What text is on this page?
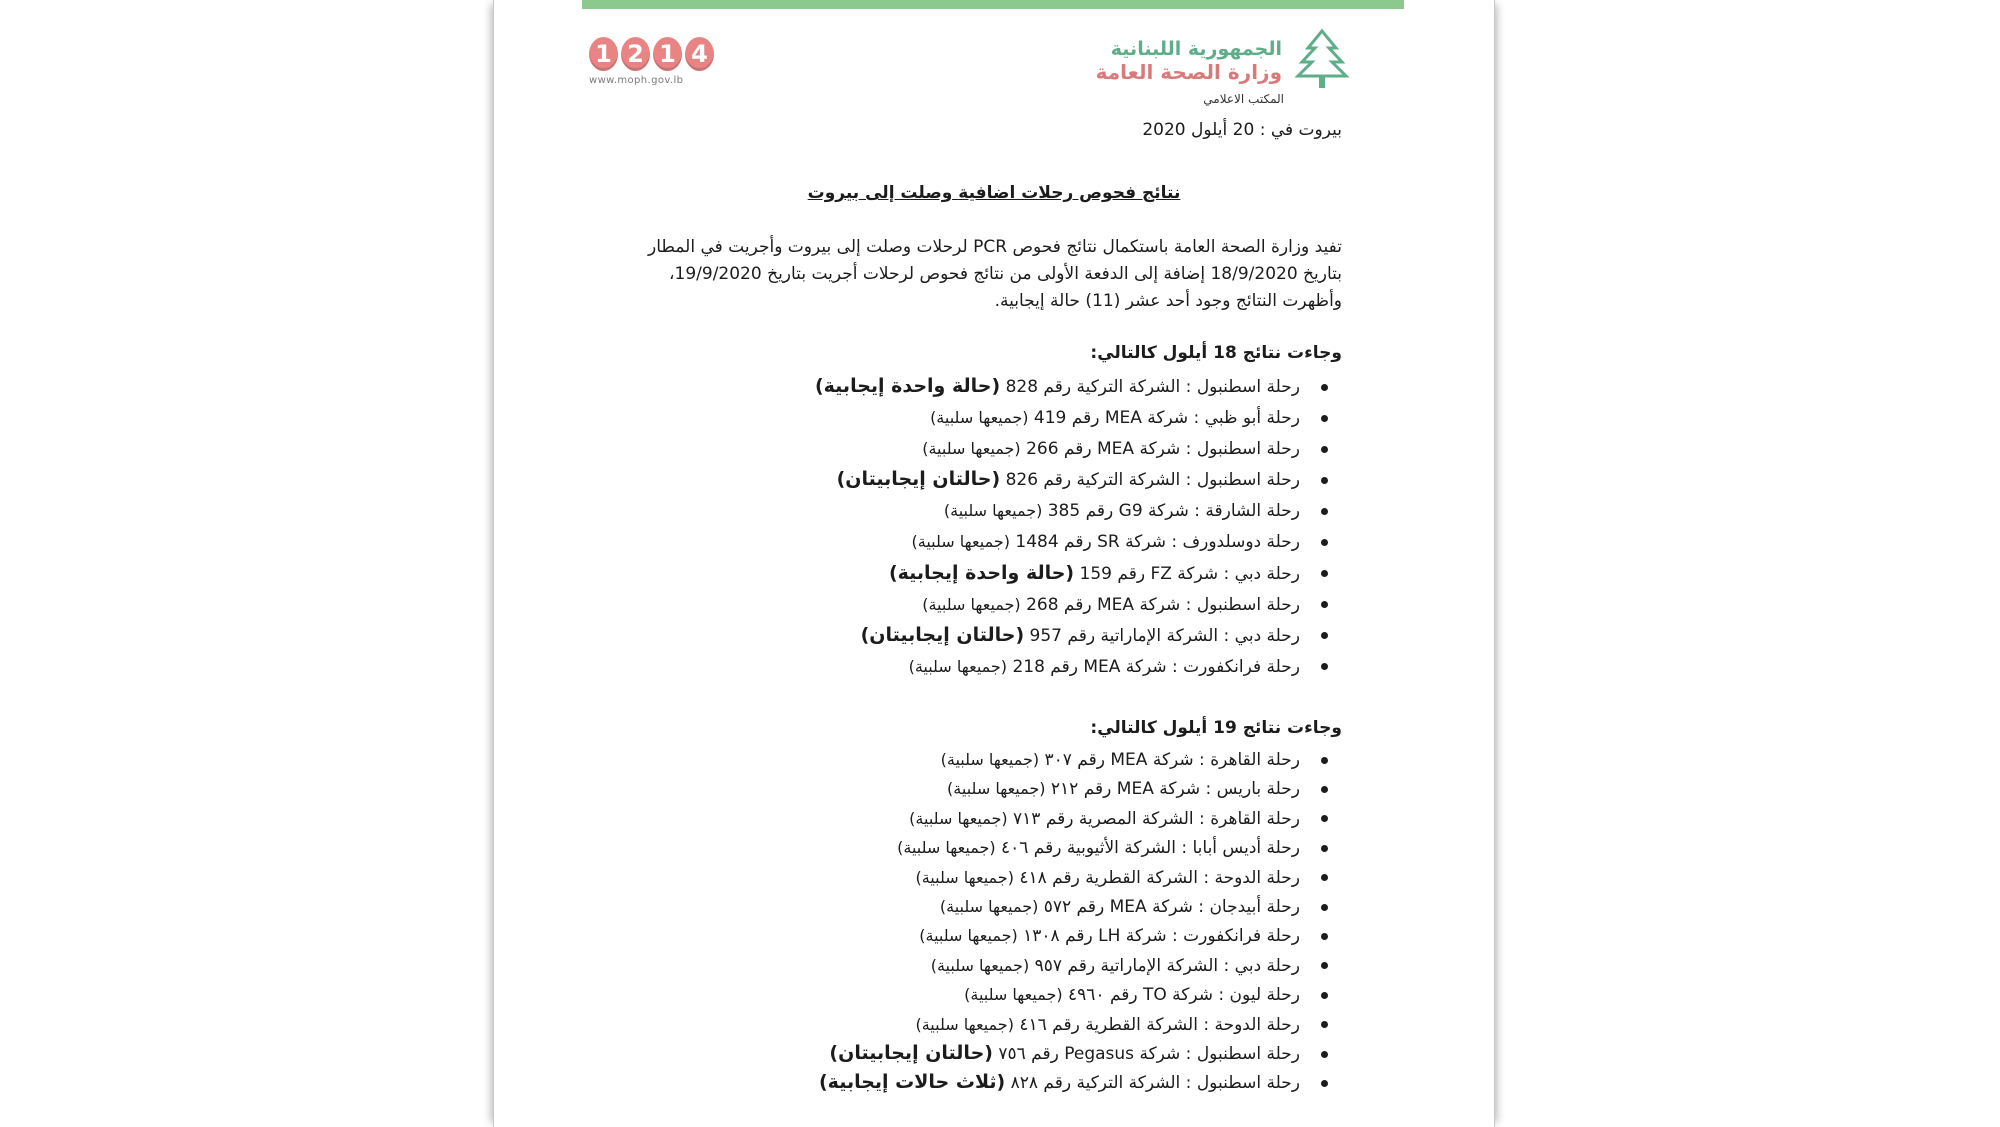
1 2 1 4
www.moph.gov.lb
الجمهورية اللبنانية
وزارة الصحة العامة
المكتب الاعلامي
بيروت في : 20 أيلول 2020
نتائج فحوص رحلات اضافية وصلت إلى بيروت
تفيد وزارة الصحة العامة باستكمال نتائج فحوص PCR لرحلات وصلت إلى بيروت وأجريت في المطار بتاريخ 18/9/2020 إضافة إلى الدفعة الأولى من نتائج فحوص لرحلات أجريت بتاريخ 19/9/2020، وأظهرت النتائج وجود أحد عشر (11) حالة إيجابية.
وجاءت نتائج 18 أيلول كالتالي:
رحلة اسطنبول : الشركة التركية رقم 828 (حالة واحدة إيجابية)
رحلة أبو ظبي : شركة MEA رقم 419 (جميعها سلبية)
رحلة اسطنبول : شركة MEA رقم 266 (جميعها سلبية)
رحلة اسطنبول : الشركة التركية رقم 826 (حالتان إيجابيتان)
رحلة الشارقة : شركة G9 رقم 385 (جميعها سلبية)
رحلة دوسلدورف : شركة SR رقم 1484 (جميعها سلبية)
رحلة دبي : شركة FZ رقم 159 (حالة واحدة إيجابية)
رحلة اسطنبول : شركة MEA رقم 268 (جميعها سلبية)
رحلة دبي : الشركة الإماراتية رقم 957 (حالتان إيجابيتان)
رحلة فرانكفورت : شركة MEA رقم 218 (جميعها سلبية)
وجاءت نتائج 19 أيلول كالتالي:
رحلة القاهرة : شركة MEA رقم ٣٠٧ (جميعها سلبية)
رحلة باريس : شركة MEA رقم ٢١٢ (جميعها سلبية)
رحلة القاهرة : الشركة المصرية رقم ٧١٣ (جميعها سلبية)
رحلة أديس أبابا : الشركة الأثيوبية رقم ٤٠٦ (جميعها سلبية)
رحلة الدوحة : الشركة القطرية رقم ٤١٨ (جميعها سلبية)
رحلة أبيدجان : شركة MEA رقم ٥٧٢ (جميعها سلبية)
رحلة فرانكفورت : شركة LH رقم ١٣٠٨ (جميعها سلبية)
رحلة دبي : الشركة الإماراتية رقم ٩٥٧ (جميعها سلبية)
رحلة ليون : شركة TO رقم ٤٩٦٠ (جميعها سلبية)
رحلة الدوحة : الشركة القطرية رقم ٤١٦ (جميعها سلبية)
رحلة اسطنبول : شركة Pegasus رقم ٧٥٦ (حالتان إيجابيتان)
رحلة اسطنبول : الشركة التركية رقم ٨٢٨ (ثلاث حالات إيجابية)
